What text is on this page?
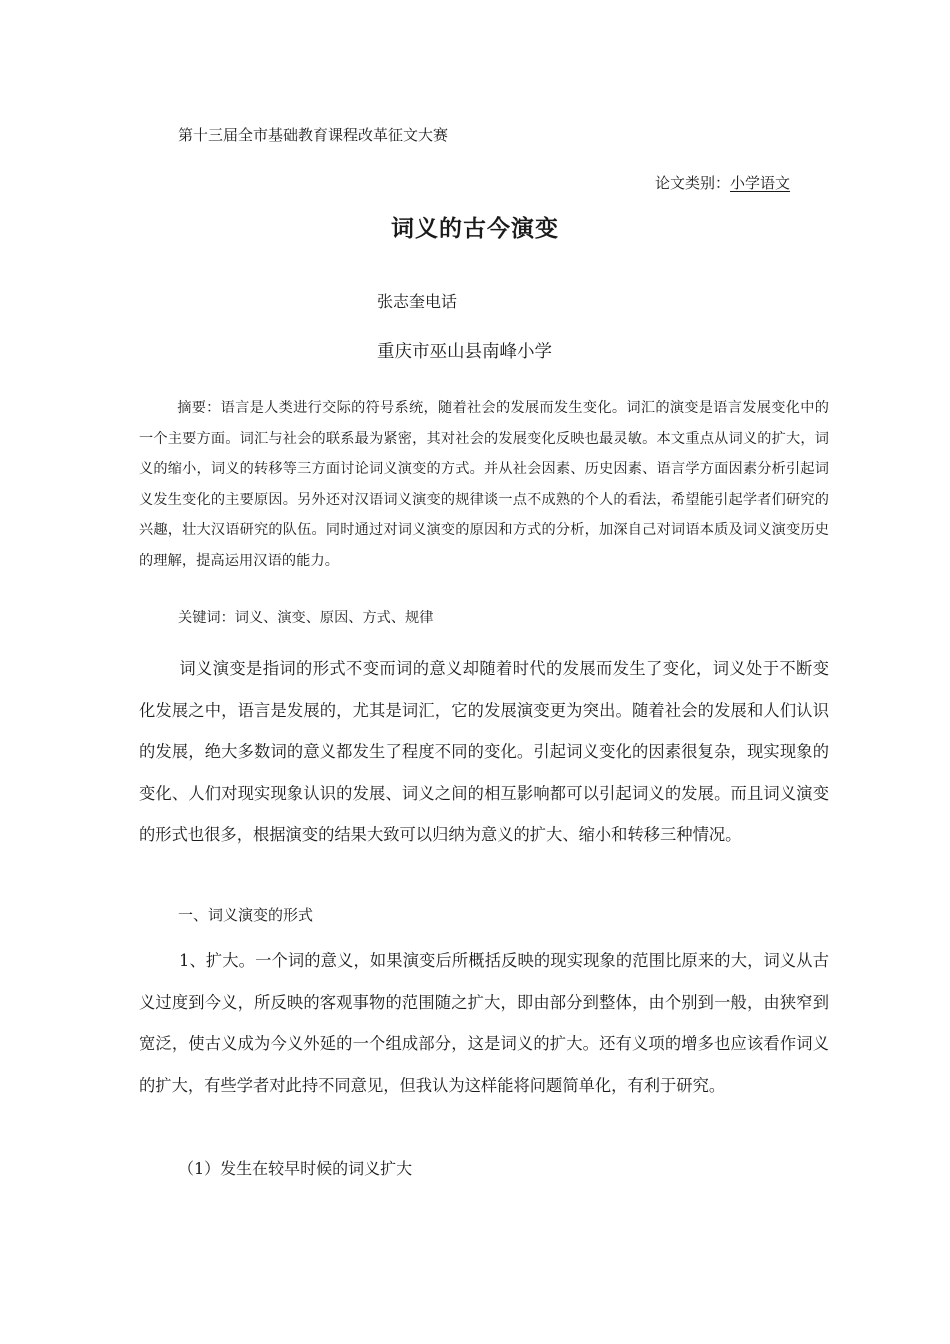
第十三届全市基础教育课程改革征文大赛
论文类别：小学语文
词义的古今演变
张志奎电话
重庆市巫山县南峰小学
摘要：语言是人类进行交际的符号系统，随着社会的发展而发生变化。词汇的演变是语言发展变化中的一个主要方面。词汇与社会的联系最为紧密，其对社会的发展变化反映也最灵敏。本文重点从词义的扩大，词义的缩小，词义的转移等三方面讨论词义演变的方式。并从社会因素、历史因素、语言学方面因素分析引起词义发生变化的主要原因。另外还对汉语词义演变的规律谈一点不成熟的个人的看法，希望能引起学者们研究的兴趣，壮大汉语研究的队伍。同时通过对词义演变的原因和方式的分析，加深自己对词语本质及词义演变历史的理解，提高运用汉语的能力。
关键词：词义、演变、原因、方式、规律
词义演变是指词的形式不变而词的意义却随着时代的发展而发生了变化，词义处于不断变化发展之中，语言是发展的，尤其是词汇，它的发展演变更为突出。随着社会的发展和人们认识的发展，绝大多数词的意义都发生了程度不同的变化。引起词义变化的因素很复杂，现实现象的变化、人们对现实现象认识的发展、词义之间的相互影响都可以引起词义的发展。而且词义演变的形式也很多，根据演变的结果大致可以归纳为意义的扩大、缩小和转移三种情况。
一、词义演变的形式
1、扩大。一个词的意义，如果演变后所概括反映的现实现象的范围比原来的大，词义从古义过度到今义，所反映的客观事物的范围随之扩大，即由部分到整体，由个别到一般，由狭窄到宽泛，使古义成为今义外延的一个组成部分，这是词义的扩大。还有义项的增多也应该看作词义的扩大，有些学者对此持不同意见，但我认为这样能将问题简单化，有利于研究。
（1）发生在较早时候的词义扩大
